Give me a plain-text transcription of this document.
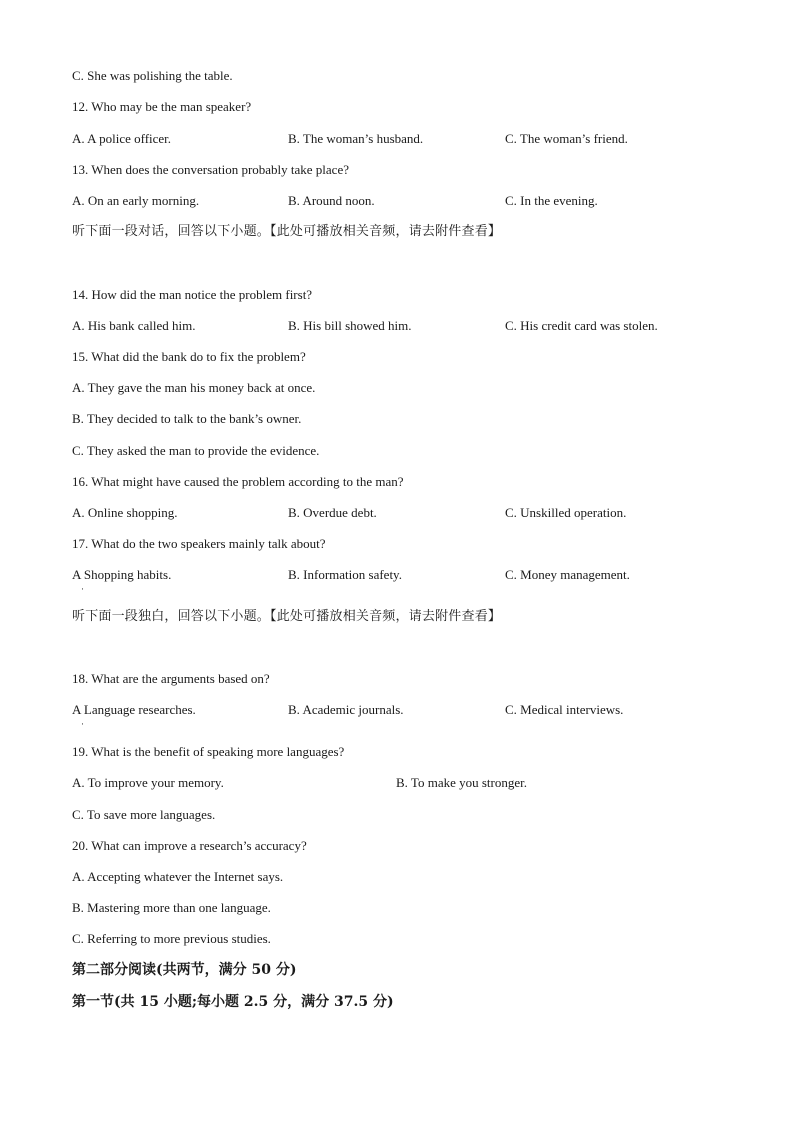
C. She was polishing the table.
12. Who may be the man speaker?
A. A police officer.	B. The woman’s husband.	C. The woman’s friend.
13. When does the conversation probably take place?
A. On an early morning.	B. Around noon.	C. In the evening.
听下面一段对话，回答以下小题。【此处可播放相关音频，请去附件查看】
14. How did the man notice the problem first?
A. His bank called him.	B. His bill showed him.	C. His credit card was stolen.
15. What did the bank do to fix the problem?
A. They gave the man his money back at once.
B. They decided to talk to the bank’s owner.
C. They asked the man to provide the evidence.
16. What might have caused the problem according to the man?
A. Online shopping.	B. Overdue debt.	C. Unskilled operation.
17. What do the two speakers mainly talk about?
A Shopping habits.
·
B. Information safety.	C. Money management.
听下面一段独白，回答以下小题。【此处可播放相关音频，请去附件查看】
18. What are the arguments based on?
A Language researches.
·
B. Academic journals.	C. Medical interviews.
19. What is the benefit of speaking more languages?
A. To improve your memory.	B. To make you stronger.
C. To save more languages.
20. What can improve a research’s accuracy?
A. Accepting whatever the Internet says.
B. Mastering more than one language.
C. Referring to more previous studies.
第二部分阅读(共两节，满分 50 分)
第一节(共 15 小题;每小题 2.5 分，满分 37.5 分)
